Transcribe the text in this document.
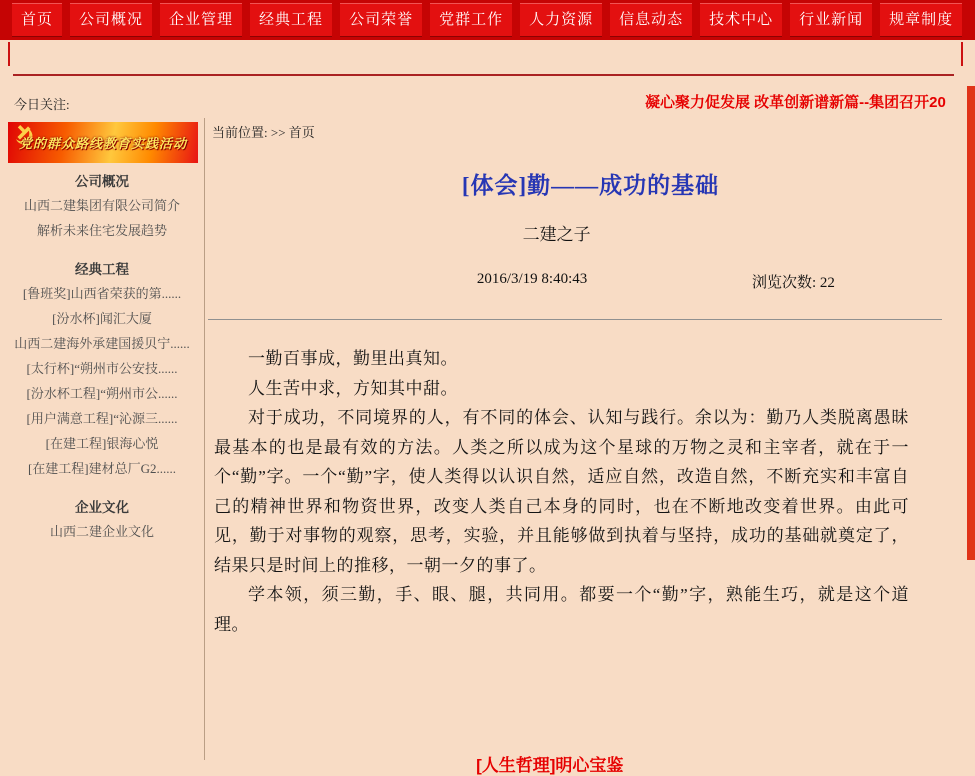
首页	公司概况	企业管理	经典工程	公司荣誉	党群工作	人力资源	信息动态	技术中心	行业新闻	规章制度
今日关注:	凝心聚力促发展 改革创新谱新篇--集团召开20
党的群众路线教育实践活动
公司概况
山西二建集团有限公司简介
解析未来住宅发展趋势
经典工程
[鲁班奖]山西省荣获的第......
[汾水杯]闻汇大厦
山西二建海外承建国援贝宁......
[太行杯]“朔州市公安技......
[汾水杯工程]“朔州市公......
[用户满意工程]“沁源三......
[在建工程]银海心悦
[在建工程]建材总厂G2......
企业文化
山西二建企业文化
当前位置: >> 首页
[体会]勤——成功的基础
二建之子
2016/3/19 8:40:43	浏览次数: 22

一勤百事成，勤里出真知。

人生苦中求，方知其中甜。

对于成功，不同境界的人，有不同的体会、认知与践行。余以为：勤乃人类脱离愚昧最基本的也是最有效的方法。人类之所以成为这个星球的万物之灵和主宰者，就在于一个“勤”字。一个“勤”字，使人类得以认识自然，适应自然，改造自然，不断充实和丰富自己的精神世界和物资世界，改变人类自己本身的同时，也在不断地改变着世界。由此可见，勤于对事物的观察，思考，实验，并且能够做到执着与坚持，成功的基础就奠定了，结果只是时间上的推移，一朝一夕的事了。

学本领，须三勤，手、眼、腿，共同用。都要一个“勤”字，熟能生巧，就是这个道理。

[人生哲理]明心宝鉴
